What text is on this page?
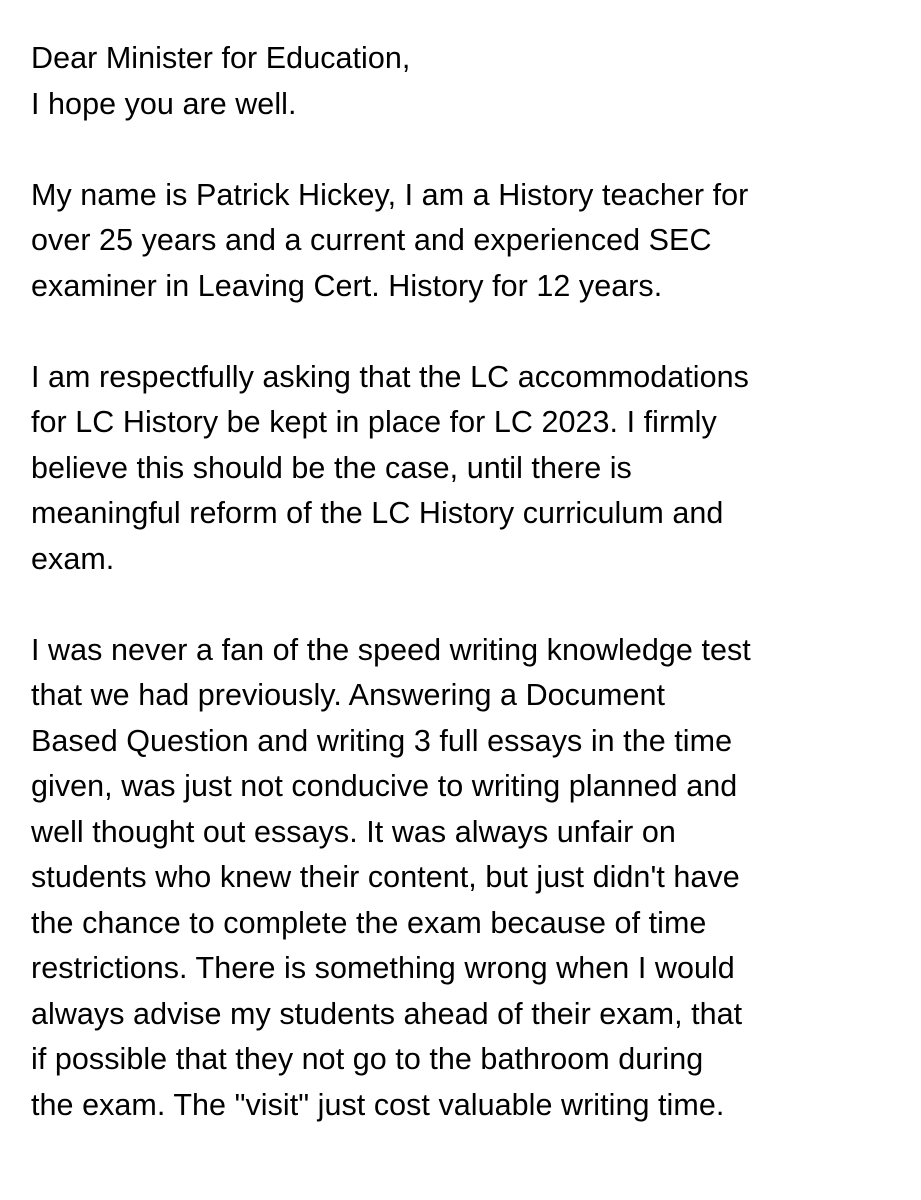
Dear Minister for Education,
I hope you are well.
My name is Patrick Hickey, I am a History teacher for
over 25 years and a current and experienced SEC
examiner in Leaving Cert. History for 12 years.
I am respectfully asking that the LC accommodations
for LC History be kept in place for LC 2023. I firmly
believe this should be the case, until there is
meaningful reform of the LC History curriculum and
exam.
I was never a fan of the speed writing knowledge test
that we had previously. Answering a Document
Based Question and writing 3 full essays in the time
given, was just not conducive to writing planned and
well thought out essays. It was always unfair on
students who knew their content, but just didn't have
the chance to complete the exam because of time
restrictions. There is something wrong when I would
always advise my students ahead of their exam, that
if possible that they not go to the bathroom during
the exam. The "visit" just cost valuable writing time.
